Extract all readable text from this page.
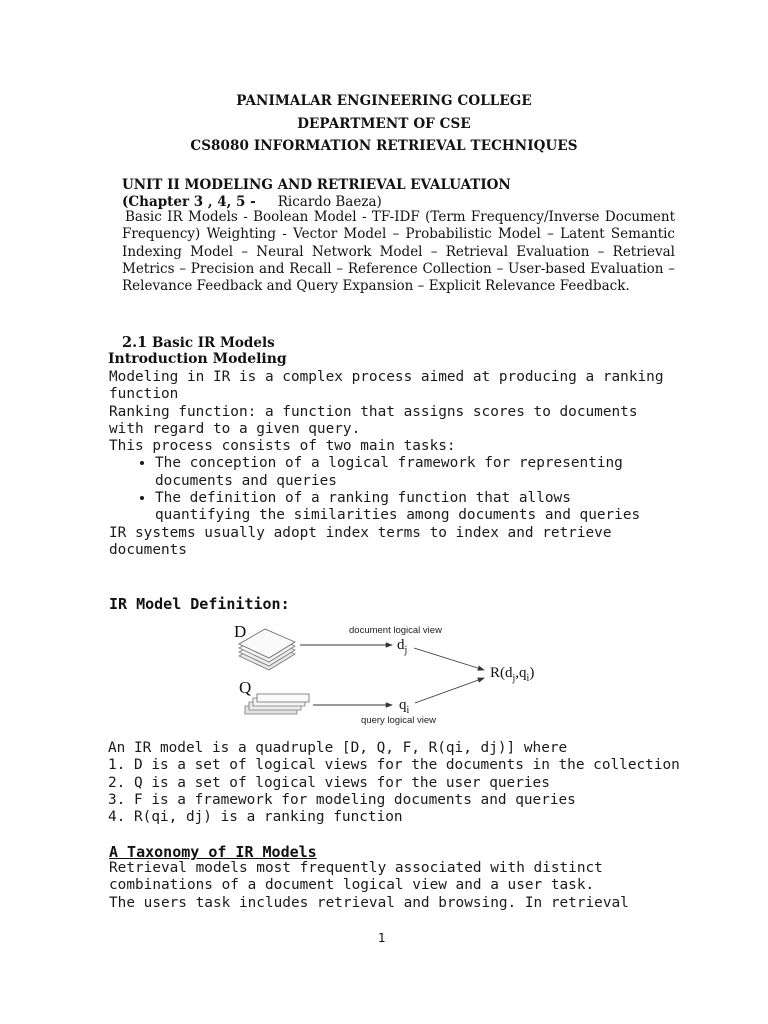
PANIMALAR ENGINEERING COLLEGE
DEPARTMENT OF CSE
CS8080 INFORMATION RETRIEVAL TECHNIQUES
UNIT II MODELING AND RETRIEVAL EVALUATION
(Chapter 3 , 4, 5 - Ricardo Baeza)
Basic IR Models - Boolean Model - TF-IDF (Term Frequency/Inverse Document Frequency) Weighting - Vector Model – Probabilistic Model – Latent Semantic Indexing Model – Neural Network Model – Retrieval Evaluation – Retrieval Metrics – Precision and Recall – Reference Collection – User-based Evaluation – Relevance Feedback and Query Expansion – Explicit Relevance Feedback.
2.1 Basic IR Models
Introduction Modeling

Modeling in IR is a complex process aimed at producing a ranking function

Ranking function: a function that assigns scores to documents with regard to a given query.

This process consists of two main tasks:

• The conception of a logical framework for representing documents and queries
• The definition of a ranking function that allows quantifying the similarities among documents and queries

IR systems usually adopt index terms to index and retrieve documents

IR Model Definition:
D	document logical view
$d_j$
$R(d_j,q_i)$
Q
$q_i$
query logical view

An IR model is a quadruple [D, Q, F, R(qi, dj)] where

1. D is a set of logical views for the documents in the collection

2. Q is a set of logical views for the user queries

3. F is a framework for modeling documents and queries

4. R(qi, dj) is a ranking function

A Taxonomy of IR Models

Retrieval models most frequently associated with distinct

combinations of a document logical view and a user task.

The users task includes retrieval and browsing. In retrieval

1
